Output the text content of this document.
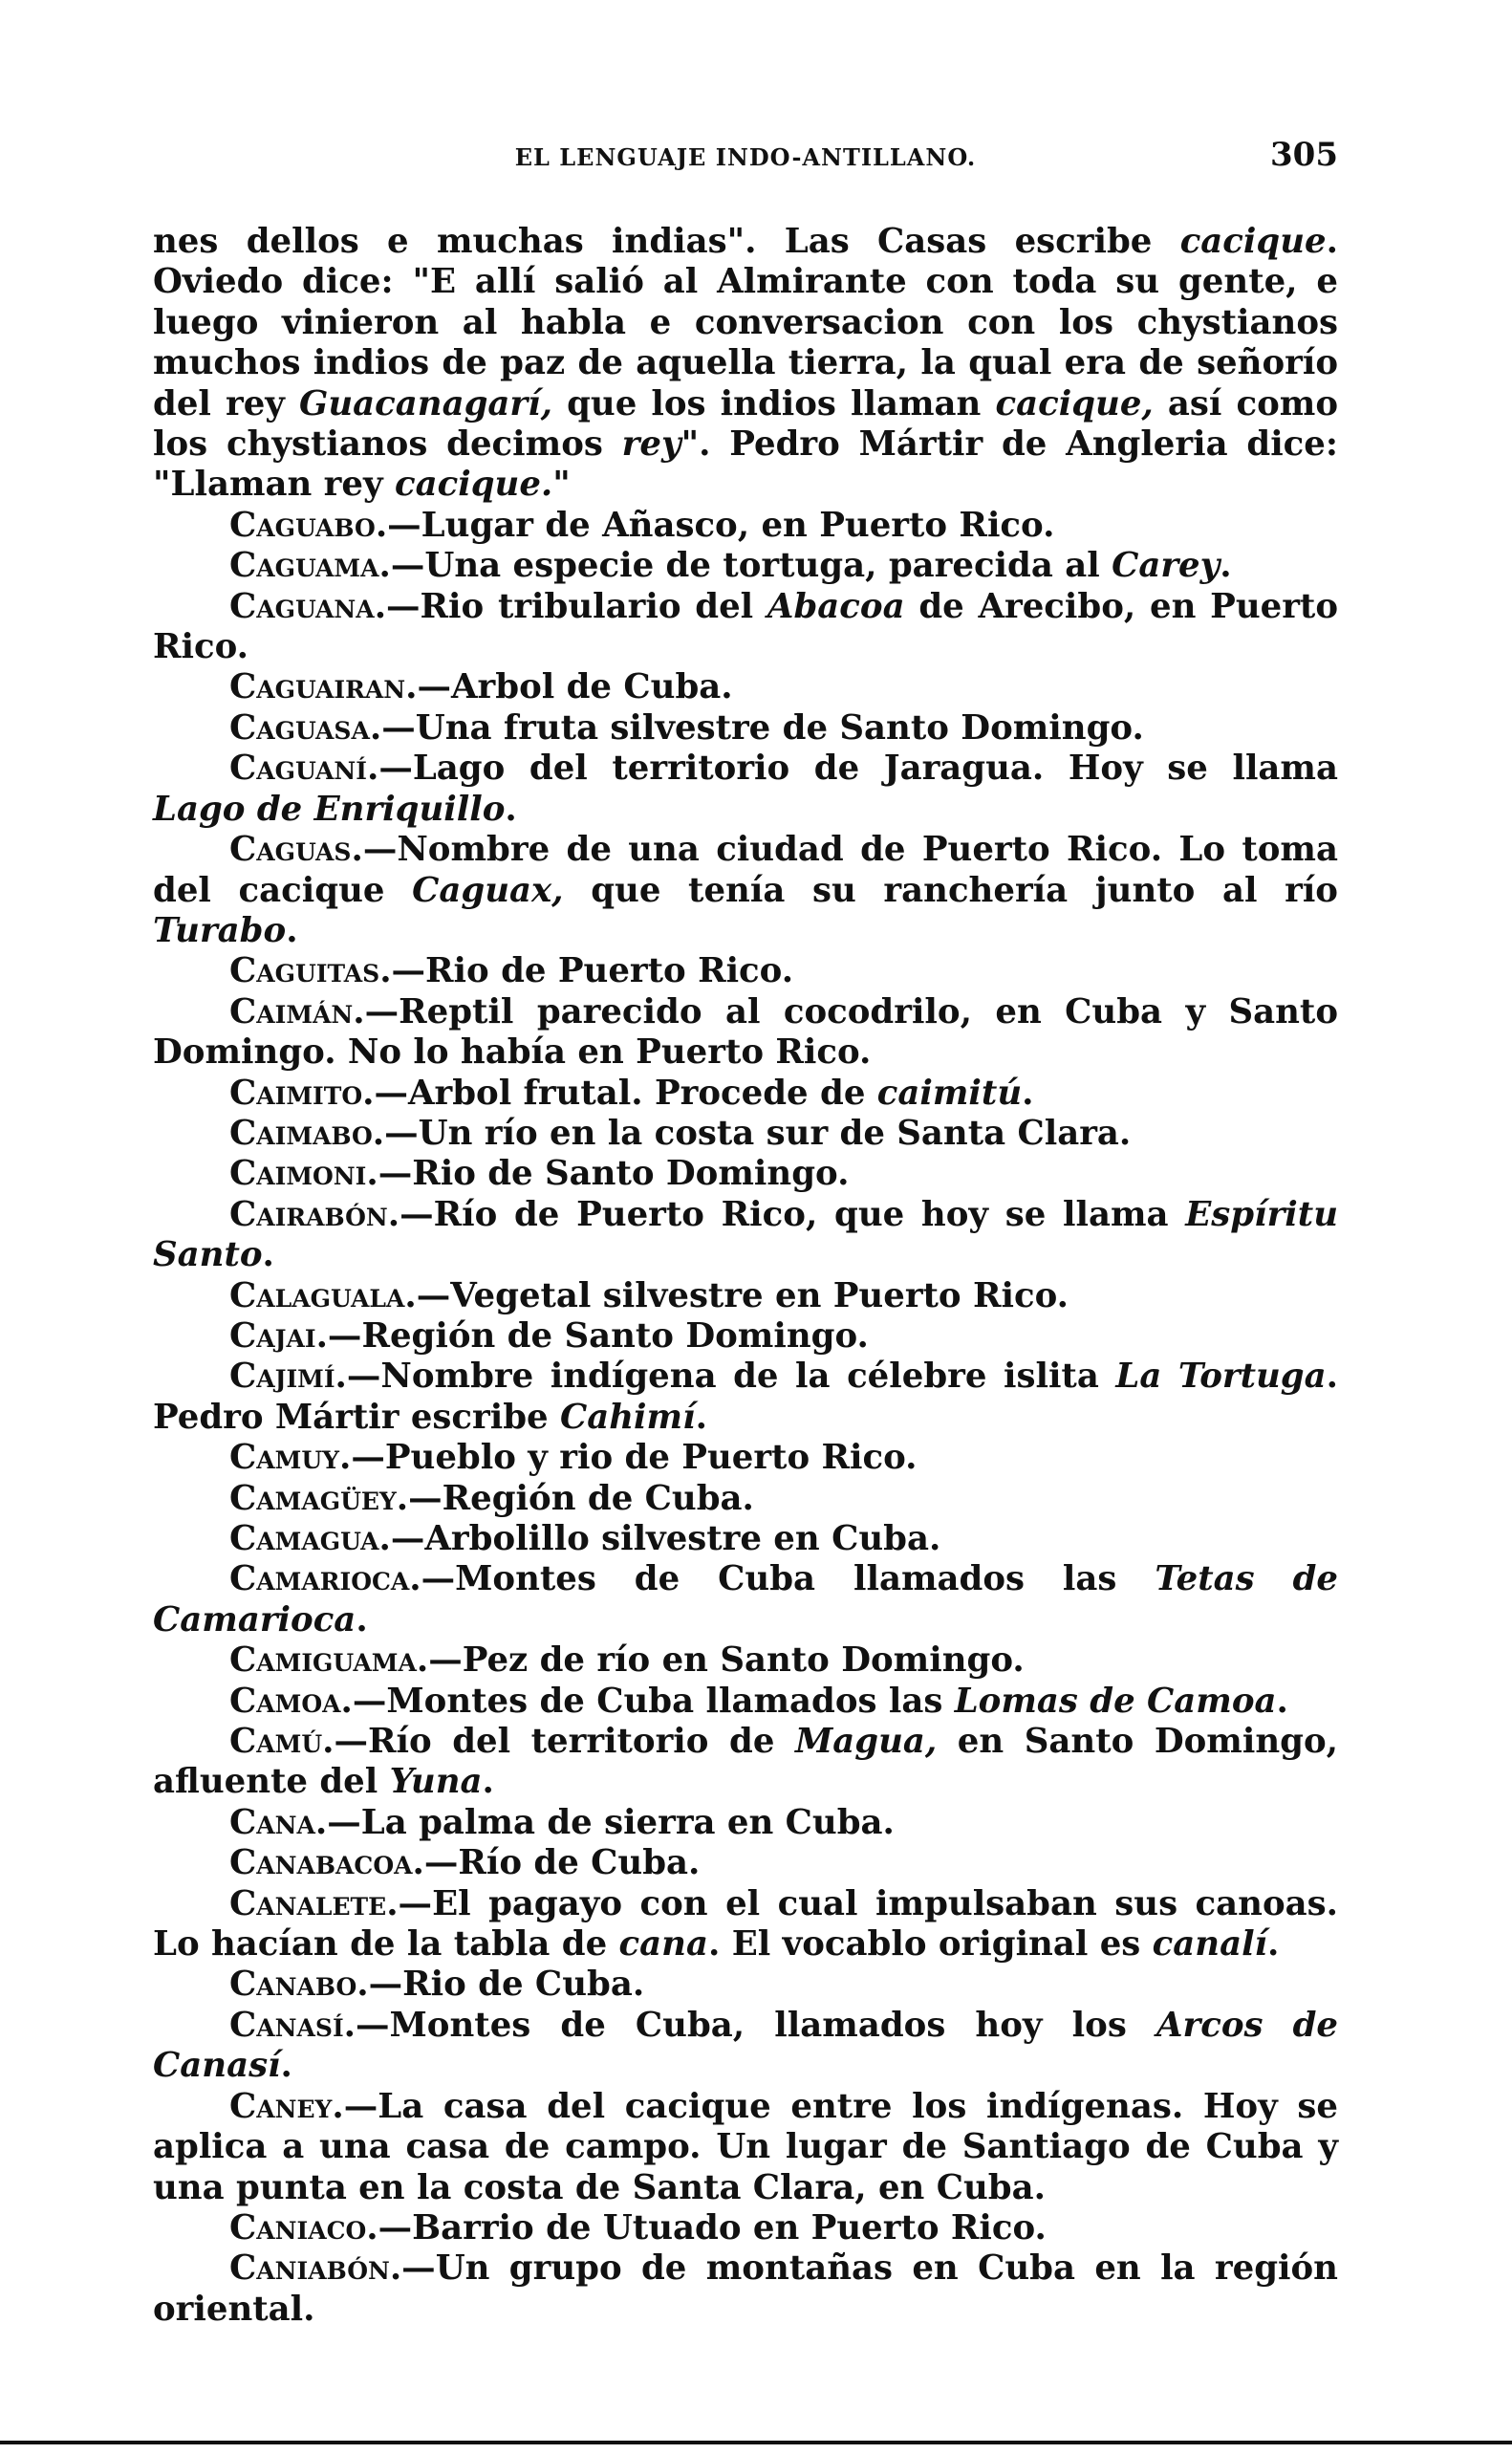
EL LENGUAJE INDO-ANTILLANO.	305

nes dellos e muchas indias". Las Casas escribe cacique. Oviedo dice: "E allí salió al Almirante con toda su gente, e luego vinieron al habla e conversacion con los chystianos muchos indios de paz de aquella tierra, la qual era de señorío del rey Guacanagarí, que los indios llaman cacique, así como los chystianos decimos rey". Pedro Mártir de Angleria dice: "Llaman rey cacique."

Caguabo.—Lugar de Añasco, en Puerto Rico.

Caguama.—Una especie de tortuga, parecida al Carey.

Caguana.—Rio tribulario del Abacoa de Arecibo, en Puerto Rico.

Caguairan.—Arbol de Cuba.

Caguasa.—Una fruta silvestre de Santo Domingo.

Caguaní.—Lago del territorio de Jaragua. Hoy se llama Lago de Enriquillo.

Caguas.—Nombre de una ciudad de Puerto Rico. Lo toma del cacique Caguax, que tenía su ranchería junto al río Turabo.

Caguitas.—Rio de Puerto Rico.

Caimán.—Reptil parecido al cocodrilo, en Cuba y Santo Domingo. No lo había en Puerto Rico.

Caimito.—Arbol frutal. Procede de caimitú.

Caimabo.—Un río en la costa sur de Santa Clara.

Caimoni.—Rio de Santo Domingo.

Cairabón.—Río de Puerto Rico, que hoy se llama Espíritu Santo.

Calaguala.—Vegetal silvestre en Puerto Rico.

Cajai.—Región de Santo Domingo.

Cajimí.—Nombre indígena de la célebre islita La Tortuga. Pedro Mártir escribe Cahimí.

Camuy.—Pueblo y rio de Puerto Rico.

Camagüey.—Región de Cuba.

Camagua.—Arbolillo silvestre en Cuba.

Camarioca.—Montes de Cuba llamados las Tetas de Camarioca.

Camiguama.—Pez de río en Santo Domingo.

Camoa.—Montes de Cuba llamados las Lomas de Camoa.

Camú.—Río del territorio de Magua, en Santo Domingo, afluente del Yuna.

Cana.—La palma de sierra en Cuba.

Canabacoa.—Río de Cuba.

Canalete.—El pagayo con el cual impulsaban sus canoas. Lo hacían de la tabla de cana. El vocablo original es canalí.

Canabo.—Rio de Cuba.

Canasí.—Montes de Cuba, llamados hoy los Arcos de Canasí.

Caney.—La casa del cacique entre los indígenas. Hoy se aplica a una casa de campo. Un lugar de Santiago de Cuba y una punta en la costa de Santa Clara, en Cuba.

Caniaco.—Barrio de Utuado en Puerto Rico.

Caniabón.—Un grupo de montañas en Cuba en la región oriental.
